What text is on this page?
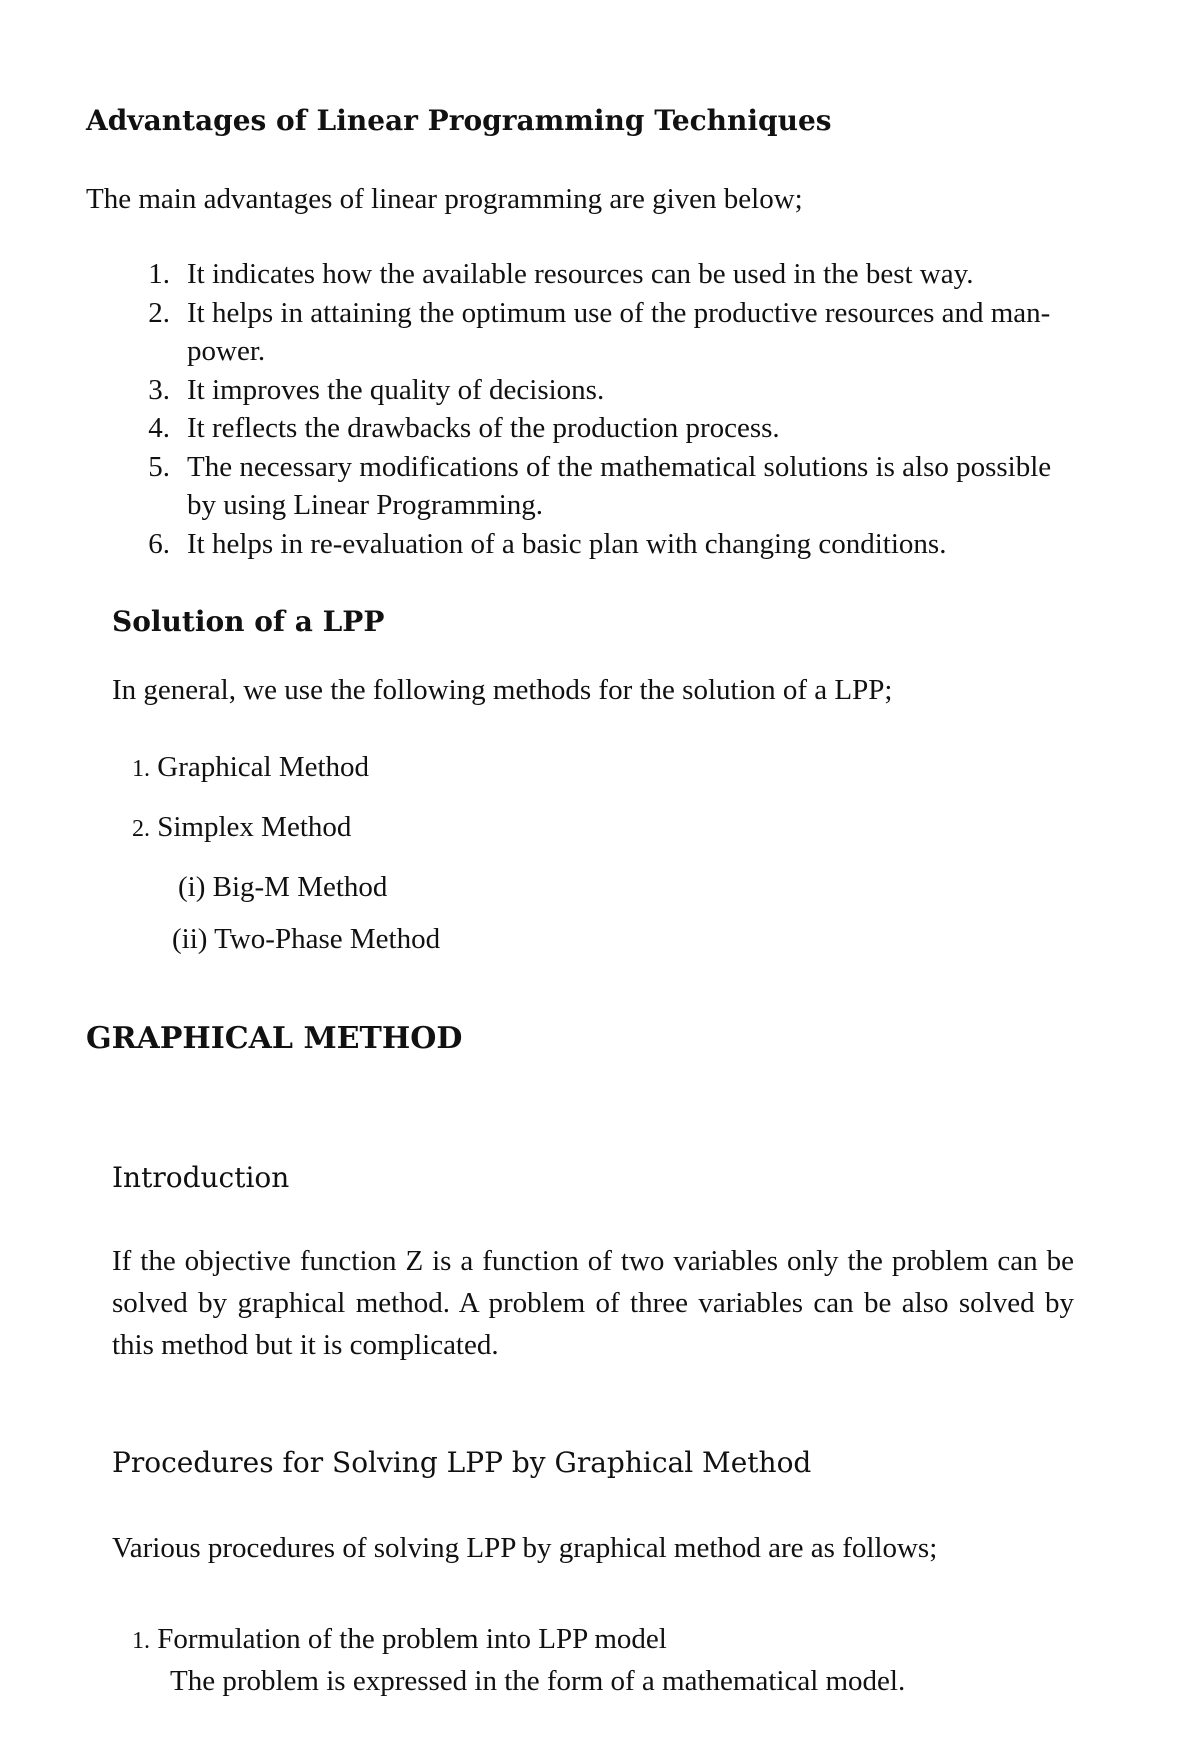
Advantages of Linear Programming Techniques
The main advantages of linear programming are given below;
1. It indicates how the available resources can be used in the best way.
2. It helps in attaining the optimum use of the productive resources and man- power.
3. It improves the quality of decisions.
4. It reflects the drawbacks of the production process.
5. The necessary modifications of the mathematical solutions is also possible by using Linear Programming.
6. It helps in re-evaluation of a basic plan with changing conditions.
Solution of a LPP
In general, we use the following methods for the solution of a LPP;
1. Graphical Method
2. Simplex Method
(i) Big-M Method
(ii) Two-Phase Method
GRAPHICAL METHOD
Introduction
If the objective function Z is a function of two variables only the problem can be solved by graphical method. A problem of three variables can be also solved by this method but it is complicated.
Procedures for Solving LPP by Graphical Method
Various procedures of solving LPP by graphical method are as follows;
1. Formulation of the problem into LPP model
The problem is expressed in the form of a mathematical model.
